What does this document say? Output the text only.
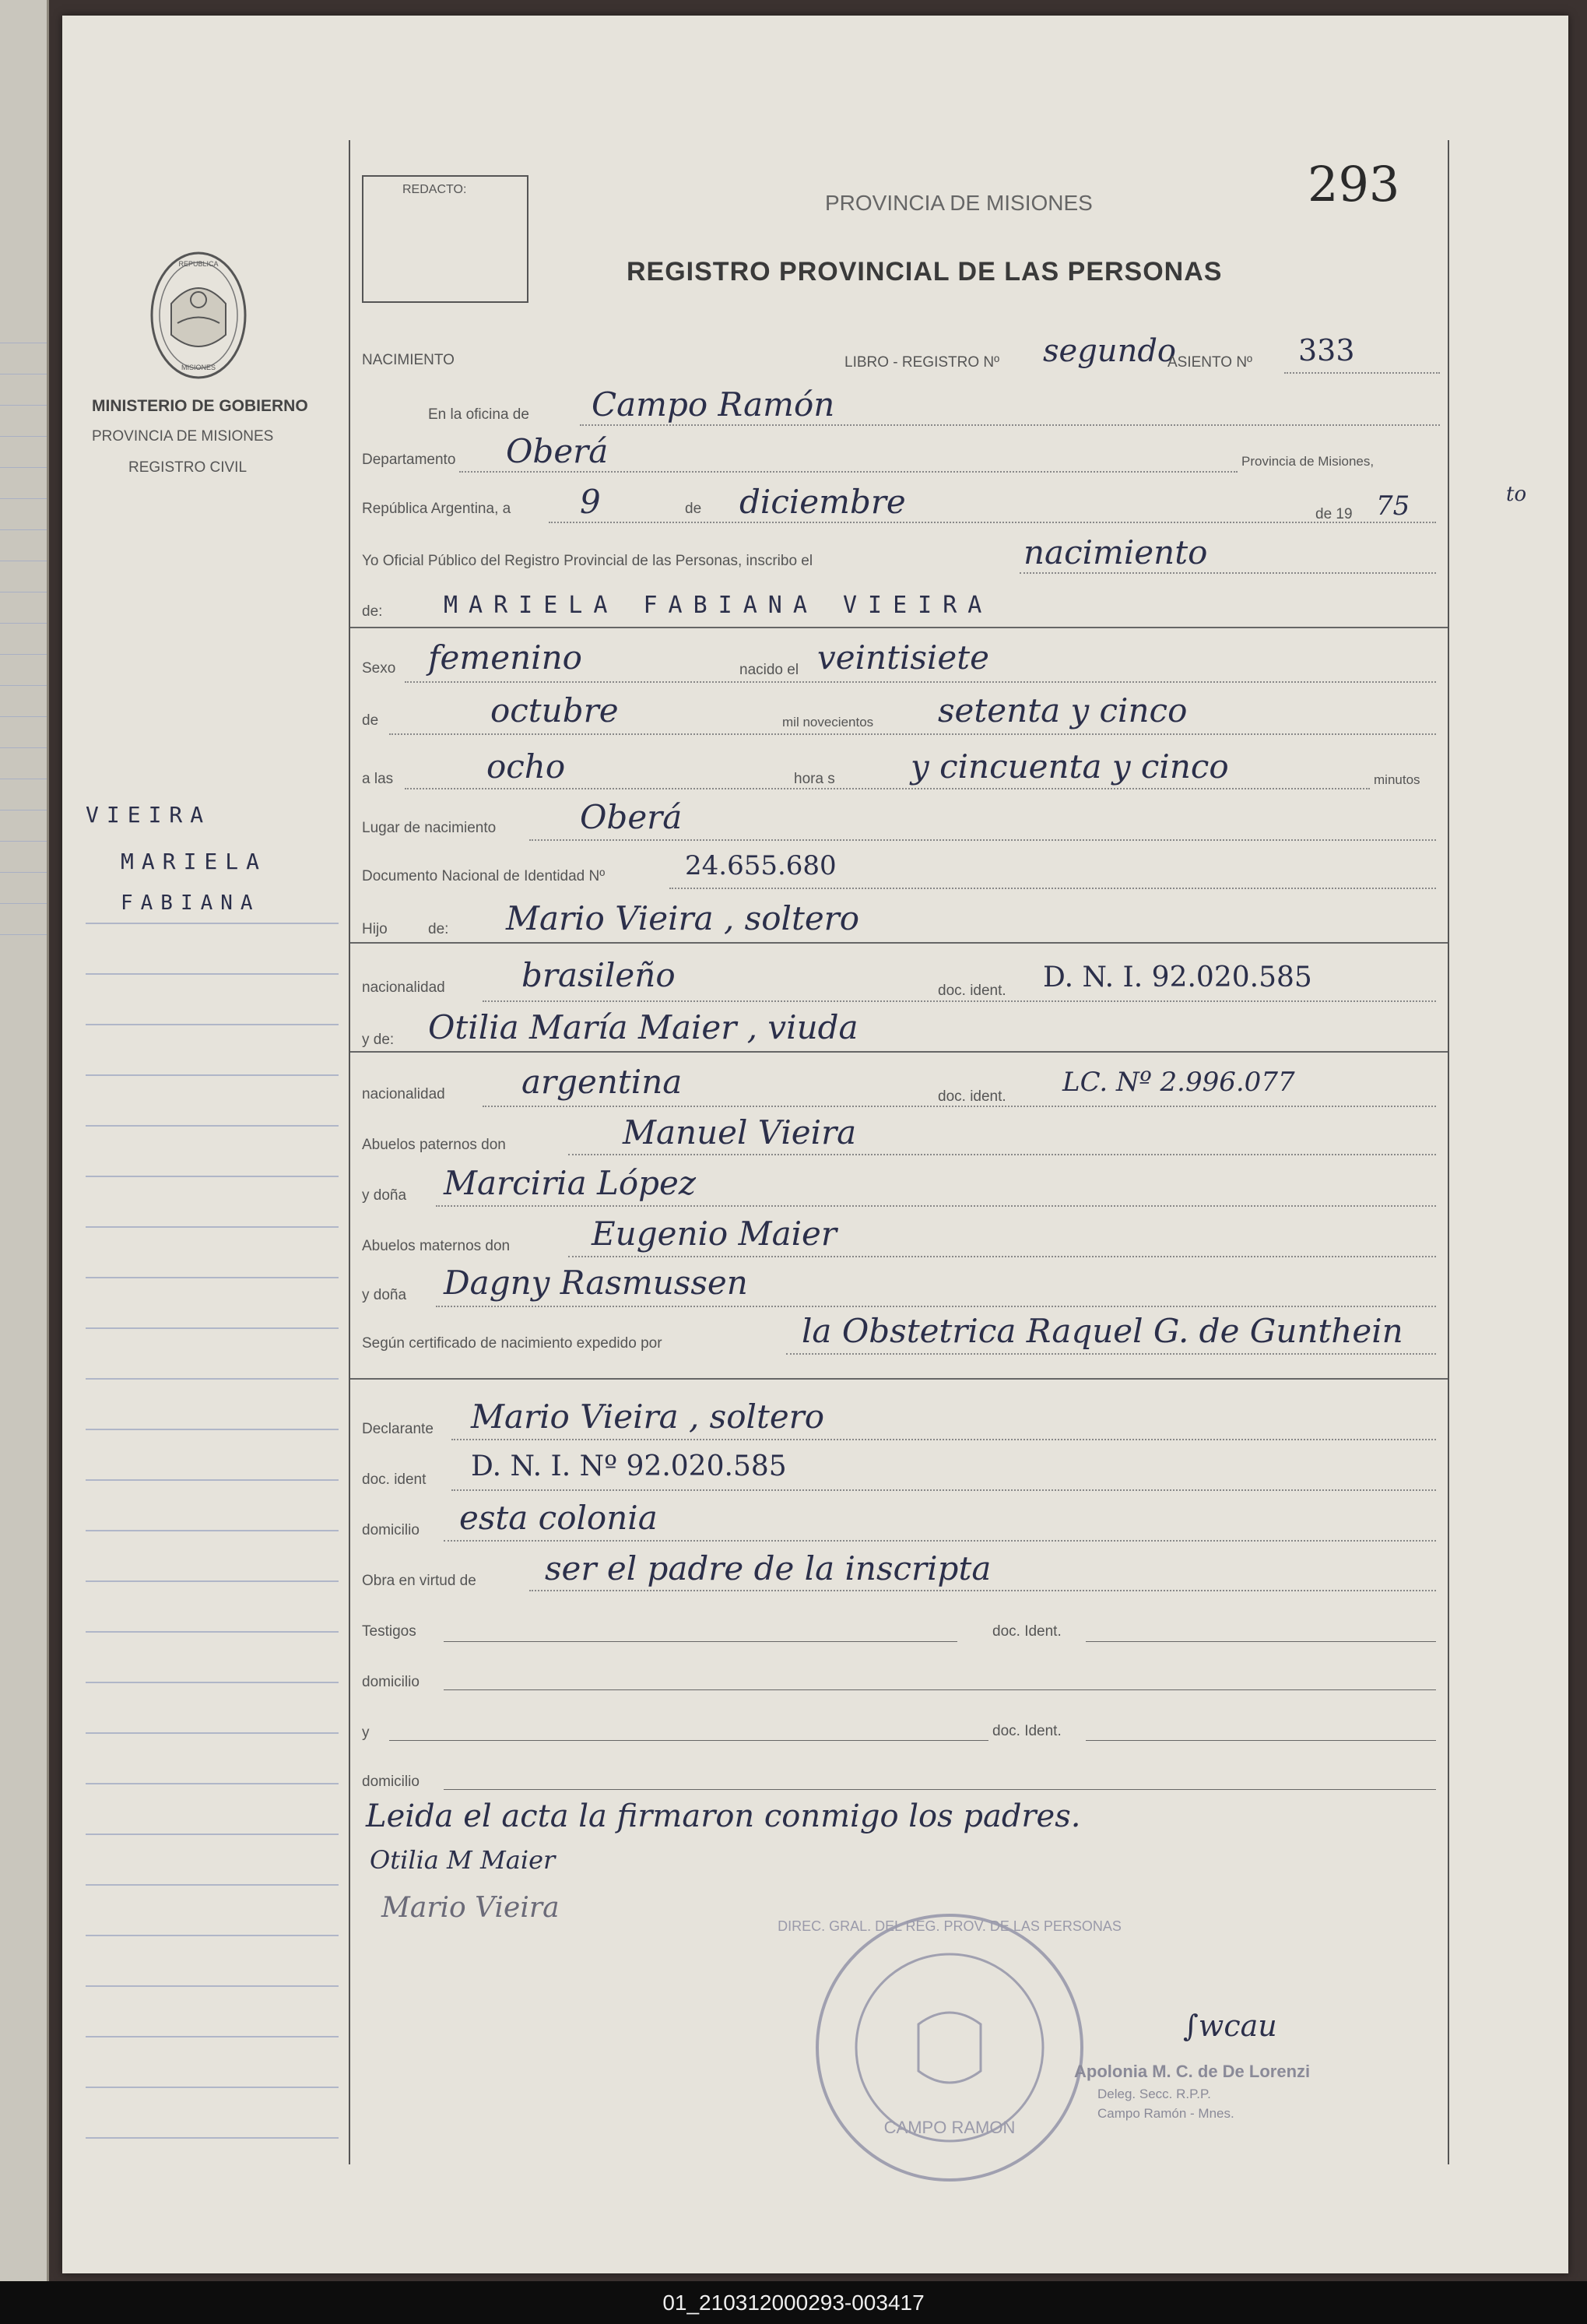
REPUBLICA
MISIONES
MINISTERIO DE GOBIERNO
PROVINCIA DE MISIONES
REGISTRO CIVIL
VIEIRA
MARIELA
FABIANA
REDACTO:
PROVINCIA DE MISIONES	293
REGISTRO PROVINCIAL DE LAS PERSONAS
NACIMIENTO	LIBRO - REGISTRO Nº segundo
ASIENTO Nº 333
En la oficina de Campo Ramón
Departamento Oberá	Provincia de Misiones,
República Argentina, a 9	de diciembre	de 19 75
Yo Oficial Público del Registro Provincial de las Personas, inscribo el	nacimiento
de:	MARIELA FABIANA VIEIRA
Sexo femenino	nacido el veintisiete
de	octubre	mil novecientos setenta y cinco
a las	ocho	hora s y cincuenta y cinco	minutos
Lugar de nacimiento	Oberá
Documento Nacional de Identidad Nº	24.655.680
Hijo	de: Mario Vieira , soltero
nacionalidad brasileño	doc. ident. D. N. I. 92.020.585
y de: Otilia María Maier , viuda
nacionalidad argentina	doc. ident. LC. Nº 2.996.077
Abuelos paternos don	Manuel Vieira
y doña Marciria López
Abuelos maternos don Eugenio Maier
y doña Dagny Rasmussen
Según certificado de nacimiento expedido por	la Obstetrica Raquel G. de Gunthein
Declarante Mario Vieira , soltero
doc. ident D. N. I. Nº 92.020.585
domicilio esta colonia
Obra en virtud de ser el padre de la inscripta
Testigos	doc. Ident.
domicilio
y	doc. Ident.
domicilio
Leida el acta la firmaron conmigo los padres.
Otilia M Maier
Mario Vieira
DIREC. GRAL. DEL REG. PROV. DE LAS PERSONAS
CAMPO RAMON
∫wcau
Apolonia M. C. de De Lorenzi
Deleg. Secc. R.P.P.
Campo Ramón - Mnes.
to
01_210312000293-003417
